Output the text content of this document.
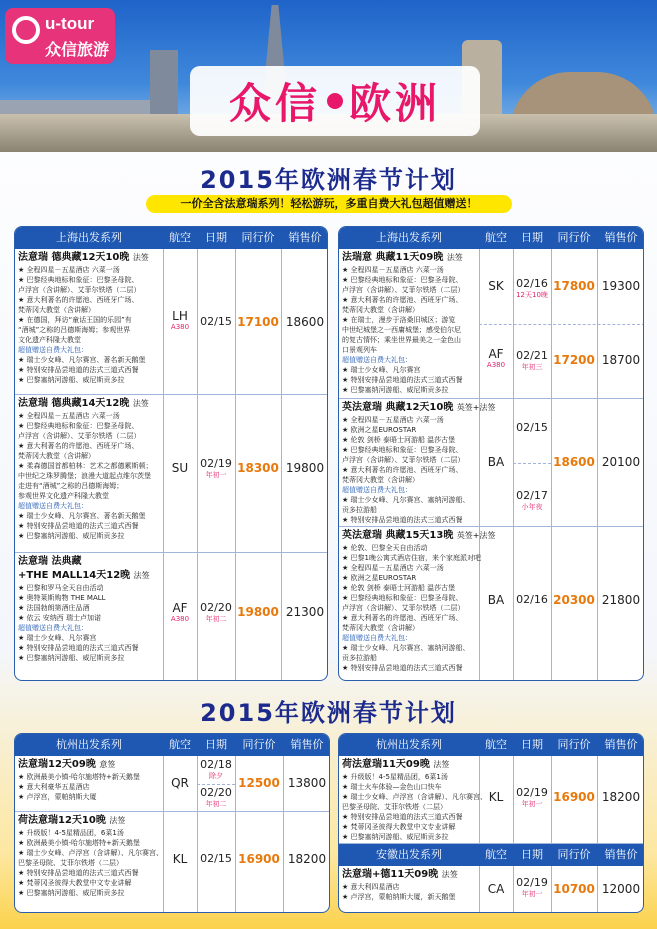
u-tour
众信旅游
众信 欧洲
2015年欧洲春节计划
一价全含法意瑞系列！轻松游玩，多重自费大礼包超值赠送！
上海出发系列	航空	日期	同行价	销售价
法意瑞 德典藏12天10晚 法签
★ 全程四星－五星酒店 六菜一汤
★ 巴黎经典地标和象征：巴黎圣母院、
卢浮宫（含讲解）、艾菲尔铁塔（二层）
★ 意大利著名的许愿池、西班牙广场、
梵蒂冈大教堂（含讲解）
★ 在德国，拜访“童话王国的乐园”有
“酒城”之称的吕德斯海姆；参观世界
文化遗产科隆大教堂
超值赠送自费大礼包：
★ 瑞士少女峰、凡尔赛宫、著名新天鹅堡
★ 特别安排品尝地道的法式三道式西餐
★ 巴黎塞纳河游船、威尼斯贡多拉
LH
A380	02/15 17100 18600
法意瑞 德典藏14天12晚 法签
★ 全程四星－五星酒店 六菜一汤
★ 巴黎经典地标和象征：巴黎圣母院、
卢浮宫（含讲解）、艾菲尔铁塔（二层）
★ 意大利著名的许愿池、西班牙广场、
梵蒂冈大教堂（含讲解）
★ 柔森德国首都柏林：艺术之都德累斯顿；
中世纪之珠罗腾堡；浪漫大道起点维尔茨堡
走进有“酒城”之称的吕德斯海姆；
参观世界文化遗产科隆大教堂
超值赠送自费大礼包：
★ 瑞士少女峰、凡尔赛宫、著名新天鹅堡
★ 特别安排品尝地道的法式三道式西餐
★ 巴黎塞纳河游船、威尼斯贡多拉
SU	02/19
年初一 18300 19800
法意瑞 法典藏
+THE MALL14天12晚 法签
★ 巴黎和罗马全天自由活动
★ 奥特莱斯购物 THE MALL
★ 法国勃朗第酒庄品酒
★ 依云 安纳西 瑞士卢加诺
超值赠送自费大礼包：
★ 瑞士少女峰、凡尔赛宫
★ 特别安排品尝地道的法式三道式西餐
★ 巴黎塞纳河游船、威尼斯贡多拉
AF
A380
02/20
年初二 19800 21300
上海出发系列	航空	日期	同行价	销售价
法瑞意 典藏11天09晚 法签
★ 全程四星－五星酒店 六菜一汤
★ 巴黎经典地标和象征：巴黎圣母院、
卢浮宫（含讲解）、艾菲尔铁塔（二层）
★ 意大利著名的许愿池、西班牙广场、
梵蒂冈大教堂（含讲解）
★ 在瑞士，漫步于洛桑旧城区；游览
中世纪城堡之一西庸城堡；感受伯尔尼
的复古情怀；乘坐世界最美之一金色山
口景观列车
超值赠送自费大礼包：
★ 瑞士少女峰、凡尔赛宫
★ 特别安排品尝地道的法式三道式西餐
★ 巴黎塞纳河游船、威尼斯贡多拉
SK	02/16
12天10晚
17800 19300
AF
A380
02/21
年初三 17200 18700
英法意瑞 典藏12天10晚 英签+法签
★ 全程四星－五星酒店 六菜一汤
★ 欧洲之星EUROSTAR
★ 伦敦 剑桥 泰晤士河游船 温莎古堡
★ 巴黎经典地标和象征：巴黎圣母院、
卢浮宫（含讲解）、艾菲尔铁塔（二层）
★ 意大利著名的许愿池、西班牙广场、
梵蒂冈大教堂（含讲解）
超值赠送自费大礼包：
★ 瑞士少女峰、凡尔赛宫、塞纳河游船、
贡多拉游船
★ 特别安排品尝地道的法式三道式西餐
BA
02/15
02/17
小年夜
18600 20100
英法意瑞 典藏15天13晚 英签+法签
★ 伦敦、巴黎全天自由活动
★ 巴黎1晚公寓式酒店住宿，来个家庭派对吧
★ 全程四星－五星酒店 六菜一汤
★ 欧洲之星EUROSTAR
★ 伦敦 剑桥 泰晤士河游船 温莎古堡
★ 巴黎经典地标和象征：巴黎圣母院、
卢浮宫（含讲解）、艾菲尔铁塔（二层）
★ 意大利著名的许愿池、西班牙广场、
梵蒂冈大教堂（含讲解）
超值赠送自费大礼包：
★ 瑞士少女峰、凡尔赛宫、塞纳河游船、
贡多拉游船
★ 特别安排品尝地道的法式三道式西餐
BA	02/16 20300 21800
2015年欧洲春节计划
杭州出发系列	航空	日期	同行价	销售价
法意瑞12天09晚 意签
★ 欧洲最美小镇-哈尔施塔特+新天鹅堡
★ 意大利豪华五星酒店
★ 卢浮宫，蒙帕纳斯大厦
QR
02/18
除夕
02/20
年初二
12500 13800
荷法意瑞12天10晚 法签
★ 升级版！4-5星精品团，6菜1汤
★ 欧洲最美小镇-哈尔施塔特+新天鹅堡
★ 瑞士少女峰、卢浮宫（含讲解）、凡尔赛宫、
巴黎圣母院、艾菲尔铁塔（二层）
★ 特别安排品尝地道的法式三道式西餐
★ 梵蒂冈圣彼得大教堂中文专业讲解
★ 巴黎塞纳河游船、威尼斯贡多拉
KL	02/15 16900 18200
杭州出发系列	航空	日期	同行价	销售价
荷法意瑞11天09晚 法签
★ 升级版！4-5星精品团，6菜1汤
★ 瑞士火车体验—金色山口快车
★ 瑞士少女峰、卢浮宫（含讲解）、凡尔赛宫、
巴黎圣母院、艾菲尔铁塔（二层）
★ 特别安排品尝地道的法式三道式西餐
★ 梵蒂冈圣彼得大教堂中文专业讲解
★ 巴黎塞纳河游船、威尼斯贡多拉
KL	02/19
年初一 16900 18200
安徽出发系列	航空	日期	同行价	销售价
法意瑞+德11天09晚 法签
★ 意大利四星酒店
★ 卢浮宫，蒙帕纳斯大厦，新天鹅堡
CA	02/19
年初一 10700 12000
